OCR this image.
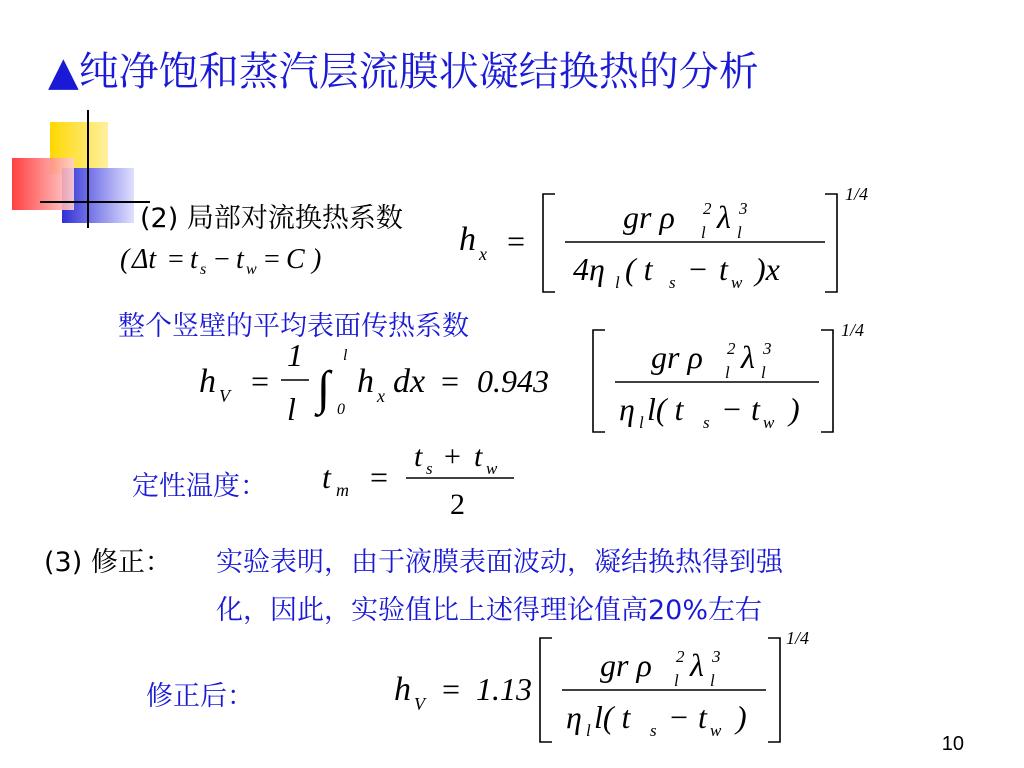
▲纯净饱和蒸汽层流膜状凝结换热的分析
(2) 局部对流换热系数
( Δt = t s − t w = C )
h x =
gr ρ l
2 λ l
3
4η l ( t s − t w )x
1/4
整个竖壁的平均表面传热系数
h V =
1
l ∫
l
0
h x dx = 0.943
gr ρ l
2 λ l
3
η l l( t s − t w )
1/4
定性温度： t m =
t s + t w
2
(3) 修正： 实验表明，由于液膜表面波动，凝结换热得到强
化，因此，实验值比上述得理论值高20%左右
修正后：	h V = 1.13
gr ρ l
2 λ l
3
η l l( t s − t w )
1/4
10
